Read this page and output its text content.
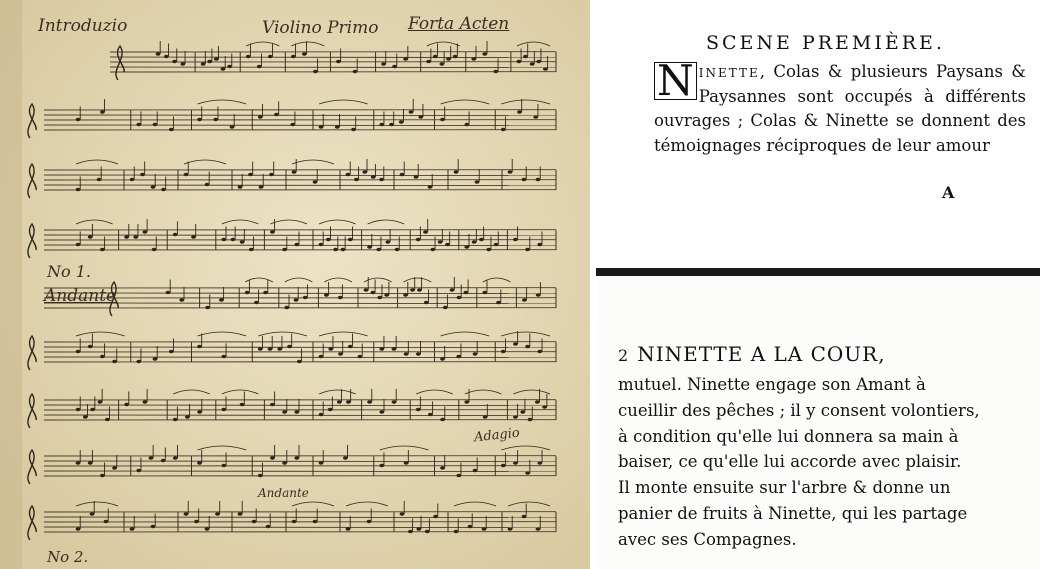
Introduzio	Violino Primo Forta Acten
No 1.
Andante
Adagio
Andante
No 2.
SCENE PREMIÈRE.
N inette, Colas & plusieurs Paysans & Paysannes sont occupés à différents ouvrages ; Colas & Ninette se donnent des témoignages réciproques de leur amour
A
2 NINETTE A LA COUR,

mutuel. Ninette engage son Amant à

cueillir des pêches ; il y consent volontiers,

à condition qu'elle lui donnera sa main à

baiser, ce qu'elle lui accorde avec plaisir.

Il monte ensuite sur l'arbre & donne un

panier de fruits à Ninette, qui les partage

avec ses Compagnes.
